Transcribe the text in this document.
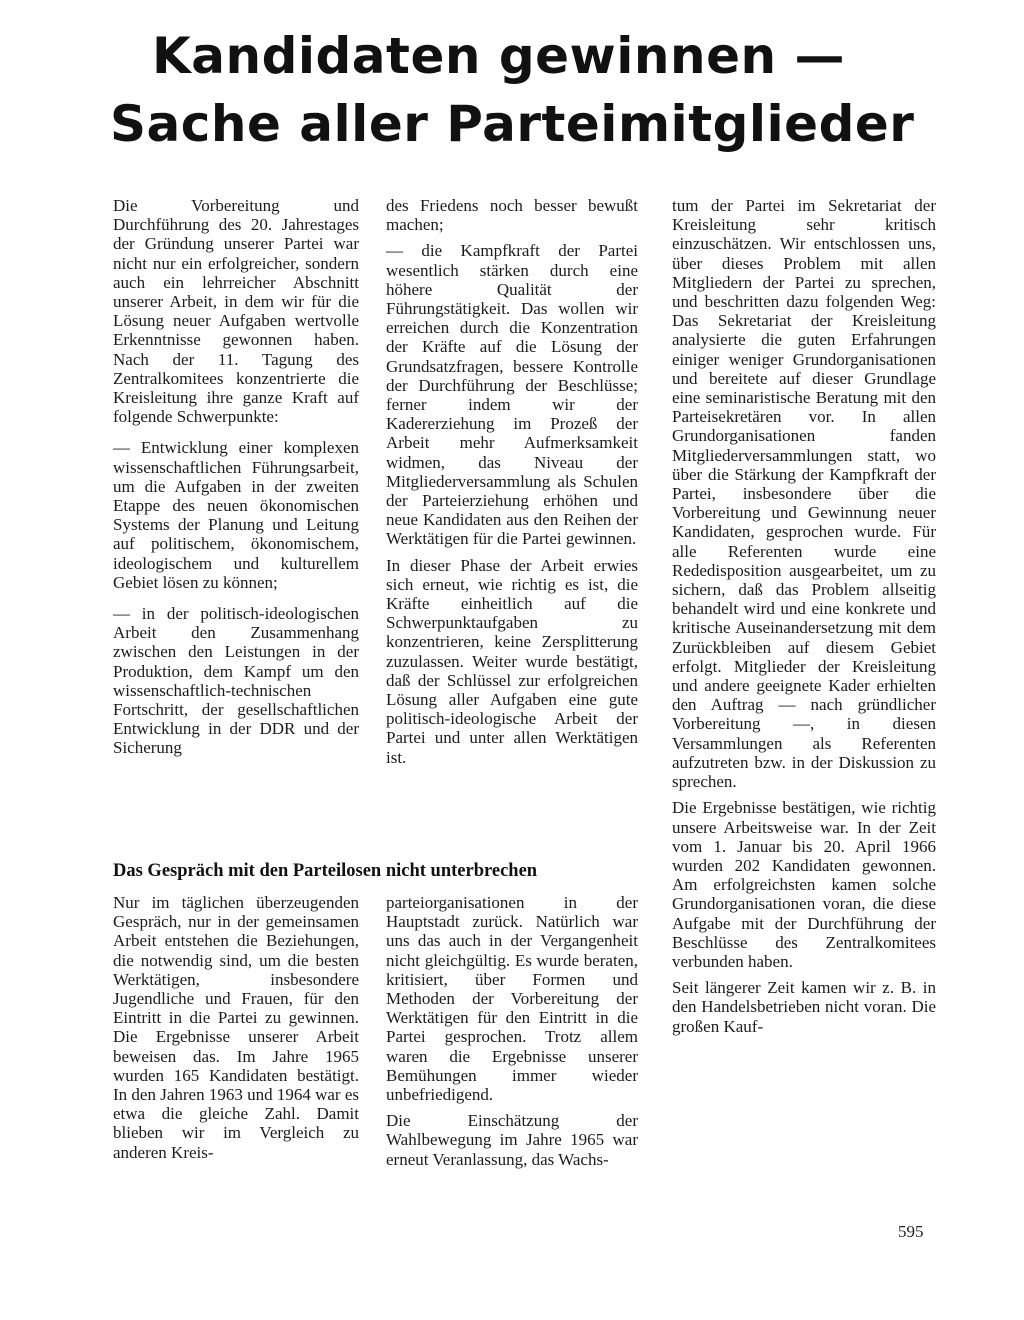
Kandidaten gewinnen —
Sache aller Parteimitglieder

Die Vorbereitung und Durchführung des 20. Jahrestages der Gründung unserer Partei war nicht nur ein erfolgreicher, sondern auch ein lehrreicher Abschnitt unserer Arbeit, in dem wir für die Lösung neuer Aufgaben wertvolle Erkenntnisse gewonnen haben. Nach der 11. Tagung des Zentralkomitees konzentrierte die Kreisleitung ihre ganze Kraft auf folgende Schwerpunkte:

— Entwicklung einer komplexen wissenschaftlichen Führungsarbeit, um die Aufgaben in der zweiten Etappe des neuen ökonomischen Systems der Planung und Leitung auf politischem, ökonomischem, ideologischem und kulturellem Gebiet lösen zu können;

— in der politisch-ideologischen Arbeit den Zusammenhang zwischen den Leistungen in der Produktion, dem Kampf um den wissenschaftlich-technischen Fortschritt, der gesellschaftlichen Entwicklung in der DDR und der Sicherung

des Friedens noch besser bewußt machen;

— die Kampfkraft der Partei wesentlich stärken durch eine höhere Qualität der Führungstätigkeit. Das wollen wir erreichen durch die Konzentration der Kräfte auf die Lösung der Grundsatzfragen, bessere Kontrolle der Durchführung der Beschlüsse; ferner indem wir der Kadererziehung im Prozeß der Arbeit mehr Aufmerksamkeit widmen, das Niveau der Mitgliederversammlung als Schulen der Parteierziehung erhöhen und neue Kandidaten aus den Reihen der Werktätigen für die Partei gewinnen.

In dieser Phase der Arbeit erwies sich erneut, wie richtig es ist, die Kräfte einheitlich auf die Schwerpunktaufgaben zu konzentrieren, keine Zersplitterung zuzulassen. Weiter wurde bestätigt, daß der Schlüssel zur erfolgreichen Lösung aller Aufgaben eine gute politisch-ideologische Arbeit der Partei und unter allen Werktätigen ist.

tum der Partei im Sekretariat der Kreisleitung sehr kritisch einzuschätzen. Wir entschlossen uns, über dieses Problem mit allen Mitgliedern der Partei zu sprechen, und beschritten dazu folgenden Weg: Das Sekretariat der Kreisleitung analysierte die guten Erfahrungen einiger weniger Grundorganisationen und bereitete auf dieser Grundlage eine seminaristische Beratung mit den Parteisekretären vor. In allen Grundorganisationen fanden Mitgliederversammlungen statt, wo über die Stärkung der Kampfkraft der Partei, insbesondere über die Vorbereitung und Gewinnung neuer Kandidaten, gesprochen wurde. Für alle Referenten wurde eine Rededisposition ausgearbeitet, um zu sichern, daß das Problem allseitig behandelt wird und eine konkrete und kritische Auseinandersetzung mit dem Zurückbleiben auf diesem Gebiet erfolgt. Mitglieder der Kreisleitung und andere geeignete Kader erhielten den Auftrag — nach gründlicher Vorbereitung —, in diesen Versammlungen als Referenten aufzutreten bzw. in der Diskussion zu sprechen.

Die Ergebnisse bestätigen, wie richtig unsere Arbeitsweise war. In der Zeit vom 1. Januar bis 20. April 1966 wurden 202 Kandidaten gewonnen. Am erfolgreichsten kamen solche Grundorganisationen voran, die diese Aufgabe mit der Durchführung der Beschlüsse des Zentralkomitees verbunden haben.

Seit längerer Zeit kamen wir z. B. in den Handelsbetrieben nicht voran. Die großen Kauf-

Das Gespräch mit den Parteilosen nicht unterbrechen

Nur im täglichen überzeugenden Gespräch, nur in der gemeinsamen Arbeit entstehen die Beziehungen, die notwendig sind, um die besten Werktätigen, insbesondere Jugendliche und Frauen, für den Eintritt in die Partei zu gewinnen. Die Ergebnisse unserer Arbeit beweisen das. Im Jahre 1965 wurden 165 Kandidaten bestätigt. In den Jahren 1963 und 1964 war es etwa die gleiche Zahl. Damit blieben wir im Vergleich zu anderen Kreis-

parteiorganisationen in der Hauptstadt zurück. Natürlich war uns das auch in der Vergangenheit nicht gleichgültig. Es wurde beraten, kritisiert, über Formen und Methoden der Vorbereitung der Werktätigen für den Eintritt in die Partei gesprochen. Trotz allem waren die Ergebnisse unserer Bemühungen immer wieder unbefriedigend.

Die Einschätzung der Wahlbewegung im Jahre 1965 war erneut Veranlassung, das Wachs-

595
